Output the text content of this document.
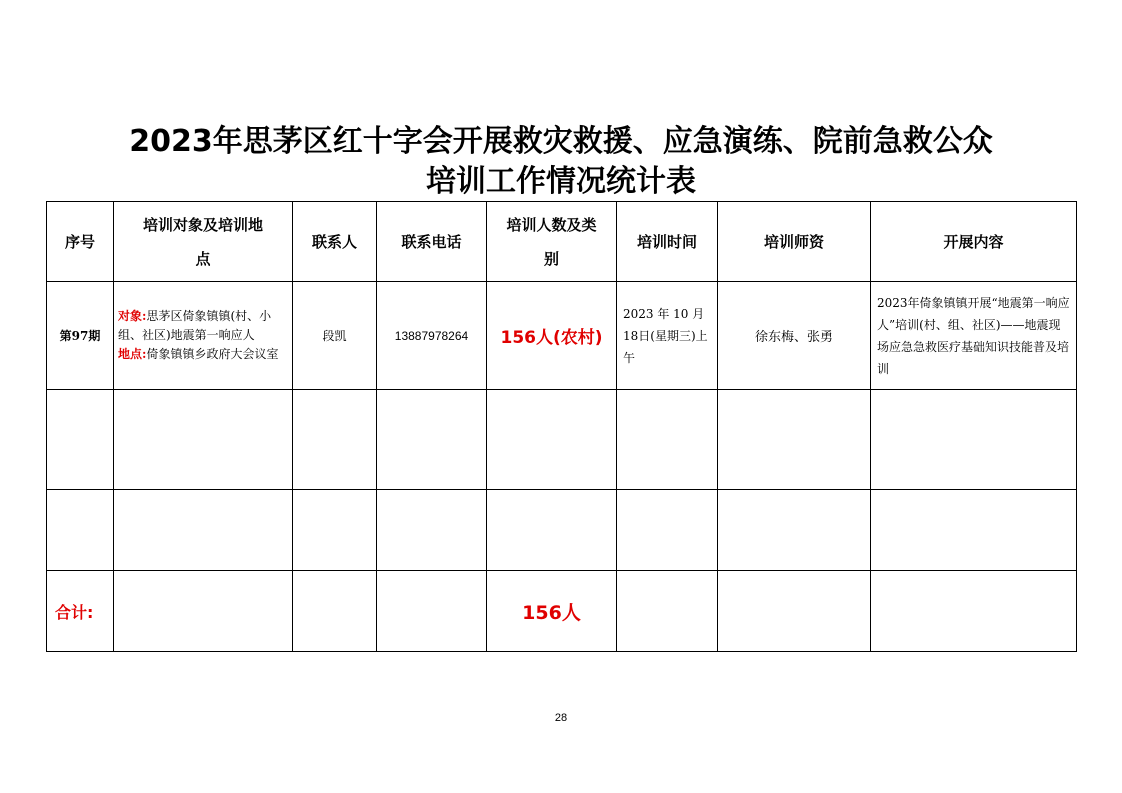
2023年思茅区红十字会开展救灾救援、应急演练、院前急救公众
培训工作情况统计表
序号	培训对象及培训地点	联系人	联系电话	培训人数及类别	培训时间	培训师资	开展内容
第97期	对象:思茅区倚象镇镇(村、小组、社区)地震第一响应人
地点:倚象镇镇乡政府大会议室	段凯	13887978264	156人(农村)	2023 年 10 月 18日(星期三)上午	徐东梅、张勇	2023年倚象镇镇开展“地震第一响应人”培训(村、组、社区)——地震现场应急急救医疗基础知识技能普及培训

合计:				156人			
28
